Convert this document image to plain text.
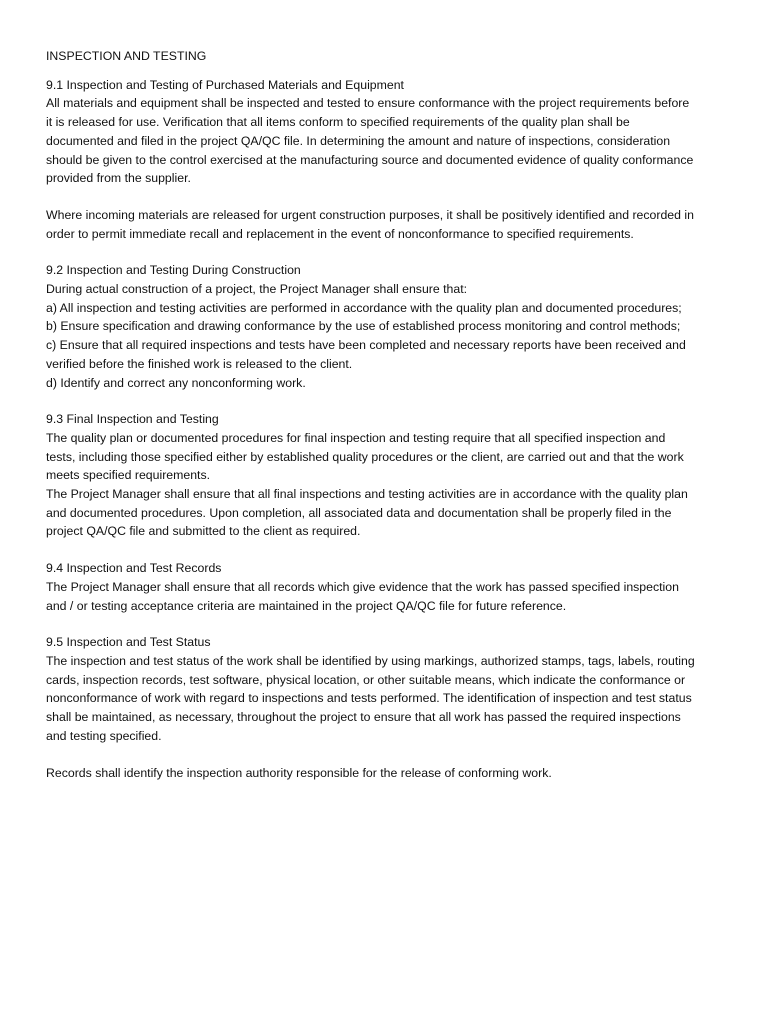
INSPECTION AND TESTING
9.1 Inspection and Testing of Purchased Materials and Equipment

All materials and equipment shall be inspected and tested to ensure conformance with the project requirements before
it is released for use. Verification that all items conform to specified requirements of the quality plan shall be
documented and filed in the project QA/QC file. In determining the amount and nature of inspections, consideration
should be given to the control exercised at the manufacturing source and documented evidence of quality conformance
provided from the supplier.

Where incoming materials are released for urgent construction purposes, it shall be positively identified and recorded in
order to permit immediate recall and replacement in the event of nonconformance to specified requirements.

9.2 Inspection and Testing During Construction

During actual construction of a project, the Project Manager shall ensure that:

a) All inspection and testing activities are performed in accordance with the quality plan and documented procedures;

b) Ensure specification and drawing conformance by the use of established process monitoring and control methods;

c) Ensure that all required inspections and tests have been completed and necessary reports have been received and
verified before the finished work is released to the client.

d) Identify and correct any nonconforming work.

9.3 Final Inspection and Testing

The quality plan or documented procedures for final inspection and testing require that all specified inspection and
tests, including those specified either by established quality procedures or the client, are carried out and that the work
meets specified requirements.

The Project Manager shall ensure that all final inspections and testing activities are in accordance with the quality plan
and documented procedures. Upon completion, all associated data and documentation shall be properly filed in the
project QA/QC file and submitted to the client as required.

9.4 Inspection and Test Records

The Project Manager shall ensure that all records which give evidence that the work has passed specified inspection
and / or testing acceptance criteria are maintained in the project QA/QC file for future reference.

9.5 Inspection and Test Status

The inspection and test status of the work shall be identified by using markings, authorized stamps, tags, labels, routing
cards, inspection records, test software, physical location, or other suitable means, which indicate the conformance or
nonconformance of work with regard to inspections and tests performed. The identification of inspection and test status
shall be maintained, as necessary, throughout the project to ensure that all work has passed the required inspections
and testing specified.

Records shall identify the inspection authority responsible for the release of conforming work.
